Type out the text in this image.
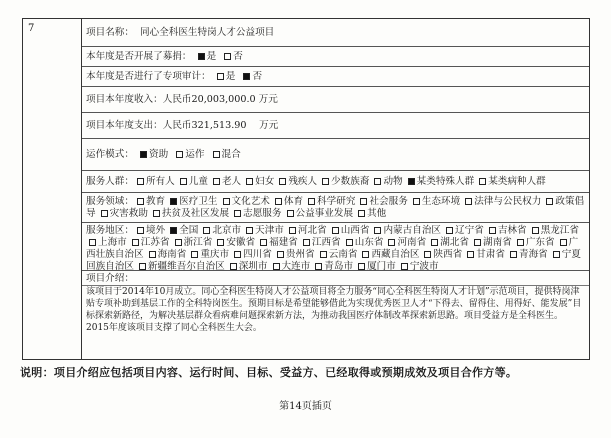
7	项目名称： 同心全科医生特岗人才公益项目
本年度是否开展了募捐： 是 否
本年度是否进行了专项审计： 是 否
项目本年度收入：人民币20,003,000.0 万元
项目本年度支出：人民币321,513.90　 万元
运作模式： 资助 运作 混合
服务人群： 所有人 儿童 老人 妇女 残疾人 少数族裔 动物 某类特殊人群 某类病种人群
服务领域： 教育 医疗卫生 文化艺术 体育 科学研究 社会服务 生态环境 法律与公民权力 政策倡导 灾害救助 扶贫及社区发展 志愿服务 公益事业发展 其他
服务地区： 境外 全国 北京市 天津市 河北省 山西省 内蒙古自治区 辽宁省 吉林省 黑龙江省上海市 江苏省 浙江省 安徽省 福建省 江西省 山东省 河南省 湖北省 湖南省 广东省 广西壮族自治区 海南省 重庆市 四川省 贵州省 云南省 西藏自治区 陕西省 甘肃省 青海省 宁夏回族自治区 新疆维吾尔自治区 深圳市 大连市 青岛市 厦门市 宁波市
项目介绍：
该项目于2014年10月成立。同心全科医生特岗人才公益项目将全力服务“同心全科医生特岗人才计划”示范项目，提供特岗津贴专项补助到基层工作的全科特岗医生。预期目标是希望能够借此为实现优秀医卫人才“下得去、留得住、用得好、能发展”目标探索新路径，为解决基层群众看病难问题探索新方法，为推动我国医疗体制改革探索新思路。项目受益方是全科医生。2015年度该项目支撑了同心全科医生大会。
说明：项目介绍应包括项目内容、运行时间、目标、受益方、已经取得或预期成效及项目合作方等。
第14页插页
